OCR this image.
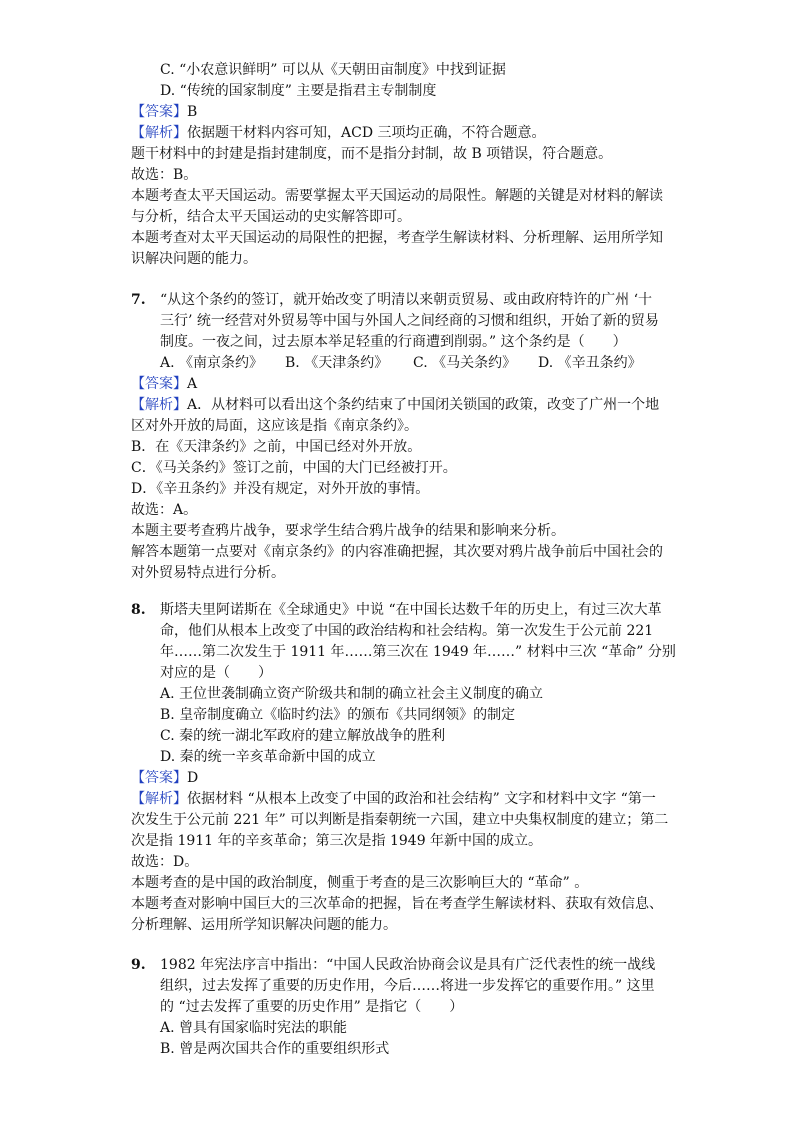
C. “小农意识鲜明” 可以从《天朝田亩制度》中找到证据
D. “传统的国家制度” 主要是指君主专制制度
【答案】B
【解析】依据题干材料内容可知，ACD 三项均正确，不符合题意。
题干材料中的封建是指封建制度，而不是指分封制，故 B 项错误，符合题意。
故选：B。
本题考查太平天国运动。需要掌握太平天国运动的局限性。解题的关键是对材料的解读
与分析，结合太平天国运动的史实解答即可。
本题考查对太平天国运动的局限性的把握，考查学生解读材料、分析理解、运用所学知
识解决问题的能力。
7. “从这个条约的签订，就开始改变了明清以来朝贡贸易、或由政府特许的广州 ‘十
三行’ 统一经营对外贸易等中国与外国人之间经商的习惯和组织，开始了新的贸易
制度。一夜之间，过去原本举足轻重的行商遭到削弱。” 这个条约是（　　）
A. 《南京条约》 B. 《天津条约》 C. 《马关条约》 D. 《辛丑条约》
【答案】A
【解析】A．从材料可以看出这个条约结束了中国闭关锁国的政策，改变了广州一个地
区对外开放的局面，这应该是指《南京条约》。
B．在《天津条约》之前，中国已经对外开放。
C．《马关条约》签订之前，中国的大门已经被打开。
D．《辛丑条约》并没有规定，对外开放的事情。
故选：A。
本题主要考查鸦片战争，要求学生结合鸦片战争的结果和影响来分析。
解答本题第一点要对《南京条约》的内容准确把握，其次要对鸦片战争前后中国社会的
对外贸易特点进行分析。
8. 斯塔夫里阿诺斯在《全球通史》中说 “在中国长达数千年的历史上，有过三次大革
命，他们从根本上改变了中国的政治结构和社会结构。第一次发生于公元前 221
年……第二次发生于 1911 年……第三次在 1949 年……” 材料中三次 “革命” 分别
对应的是（　　）
A. 王位世袭制确立资产阶级共和制的确立社会主义制度的确立
B. 皇帝制度确立《临时约法》的颁布《共同纲领》的制定
C. 秦的统一湖北军政府的建立解放战争的胜利
D. 秦的统一辛亥革命新中国的成立
【答案】D
【解析】依据材料 “从根本上改变了中国的政治和社会结构” 文字和材料中文字 “第一
次发生于公元前 221 年” 可以判断是指秦朝统一六国，建立中央集权制度的建立；第二
次是指 1911 年的辛亥革命；第三次是指 1949 年新中国的成立。
故选：D。
本题考查的是中国的政治制度，侧重于考查的是三次影响巨大的 “革命” 。
本题考查对影响中国巨大的三次革命的把握，旨在考查学生解读材料、获取有效信息、
分析理解、运用所学知识解决问题的能力。
9. 1982 年宪法序言中指出：“中国人民政治协商会议是具有广泛代表性的统一战线
组织，过去发挥了重要的历史作用，今后……将进一步发挥它的重要作用。” 这里
的 “过去发挥了重要的历史作用” 是指它（　　）
A. 曾具有国家临时宪法的职能
B. 曾是两次国共合作的重要组织形式
